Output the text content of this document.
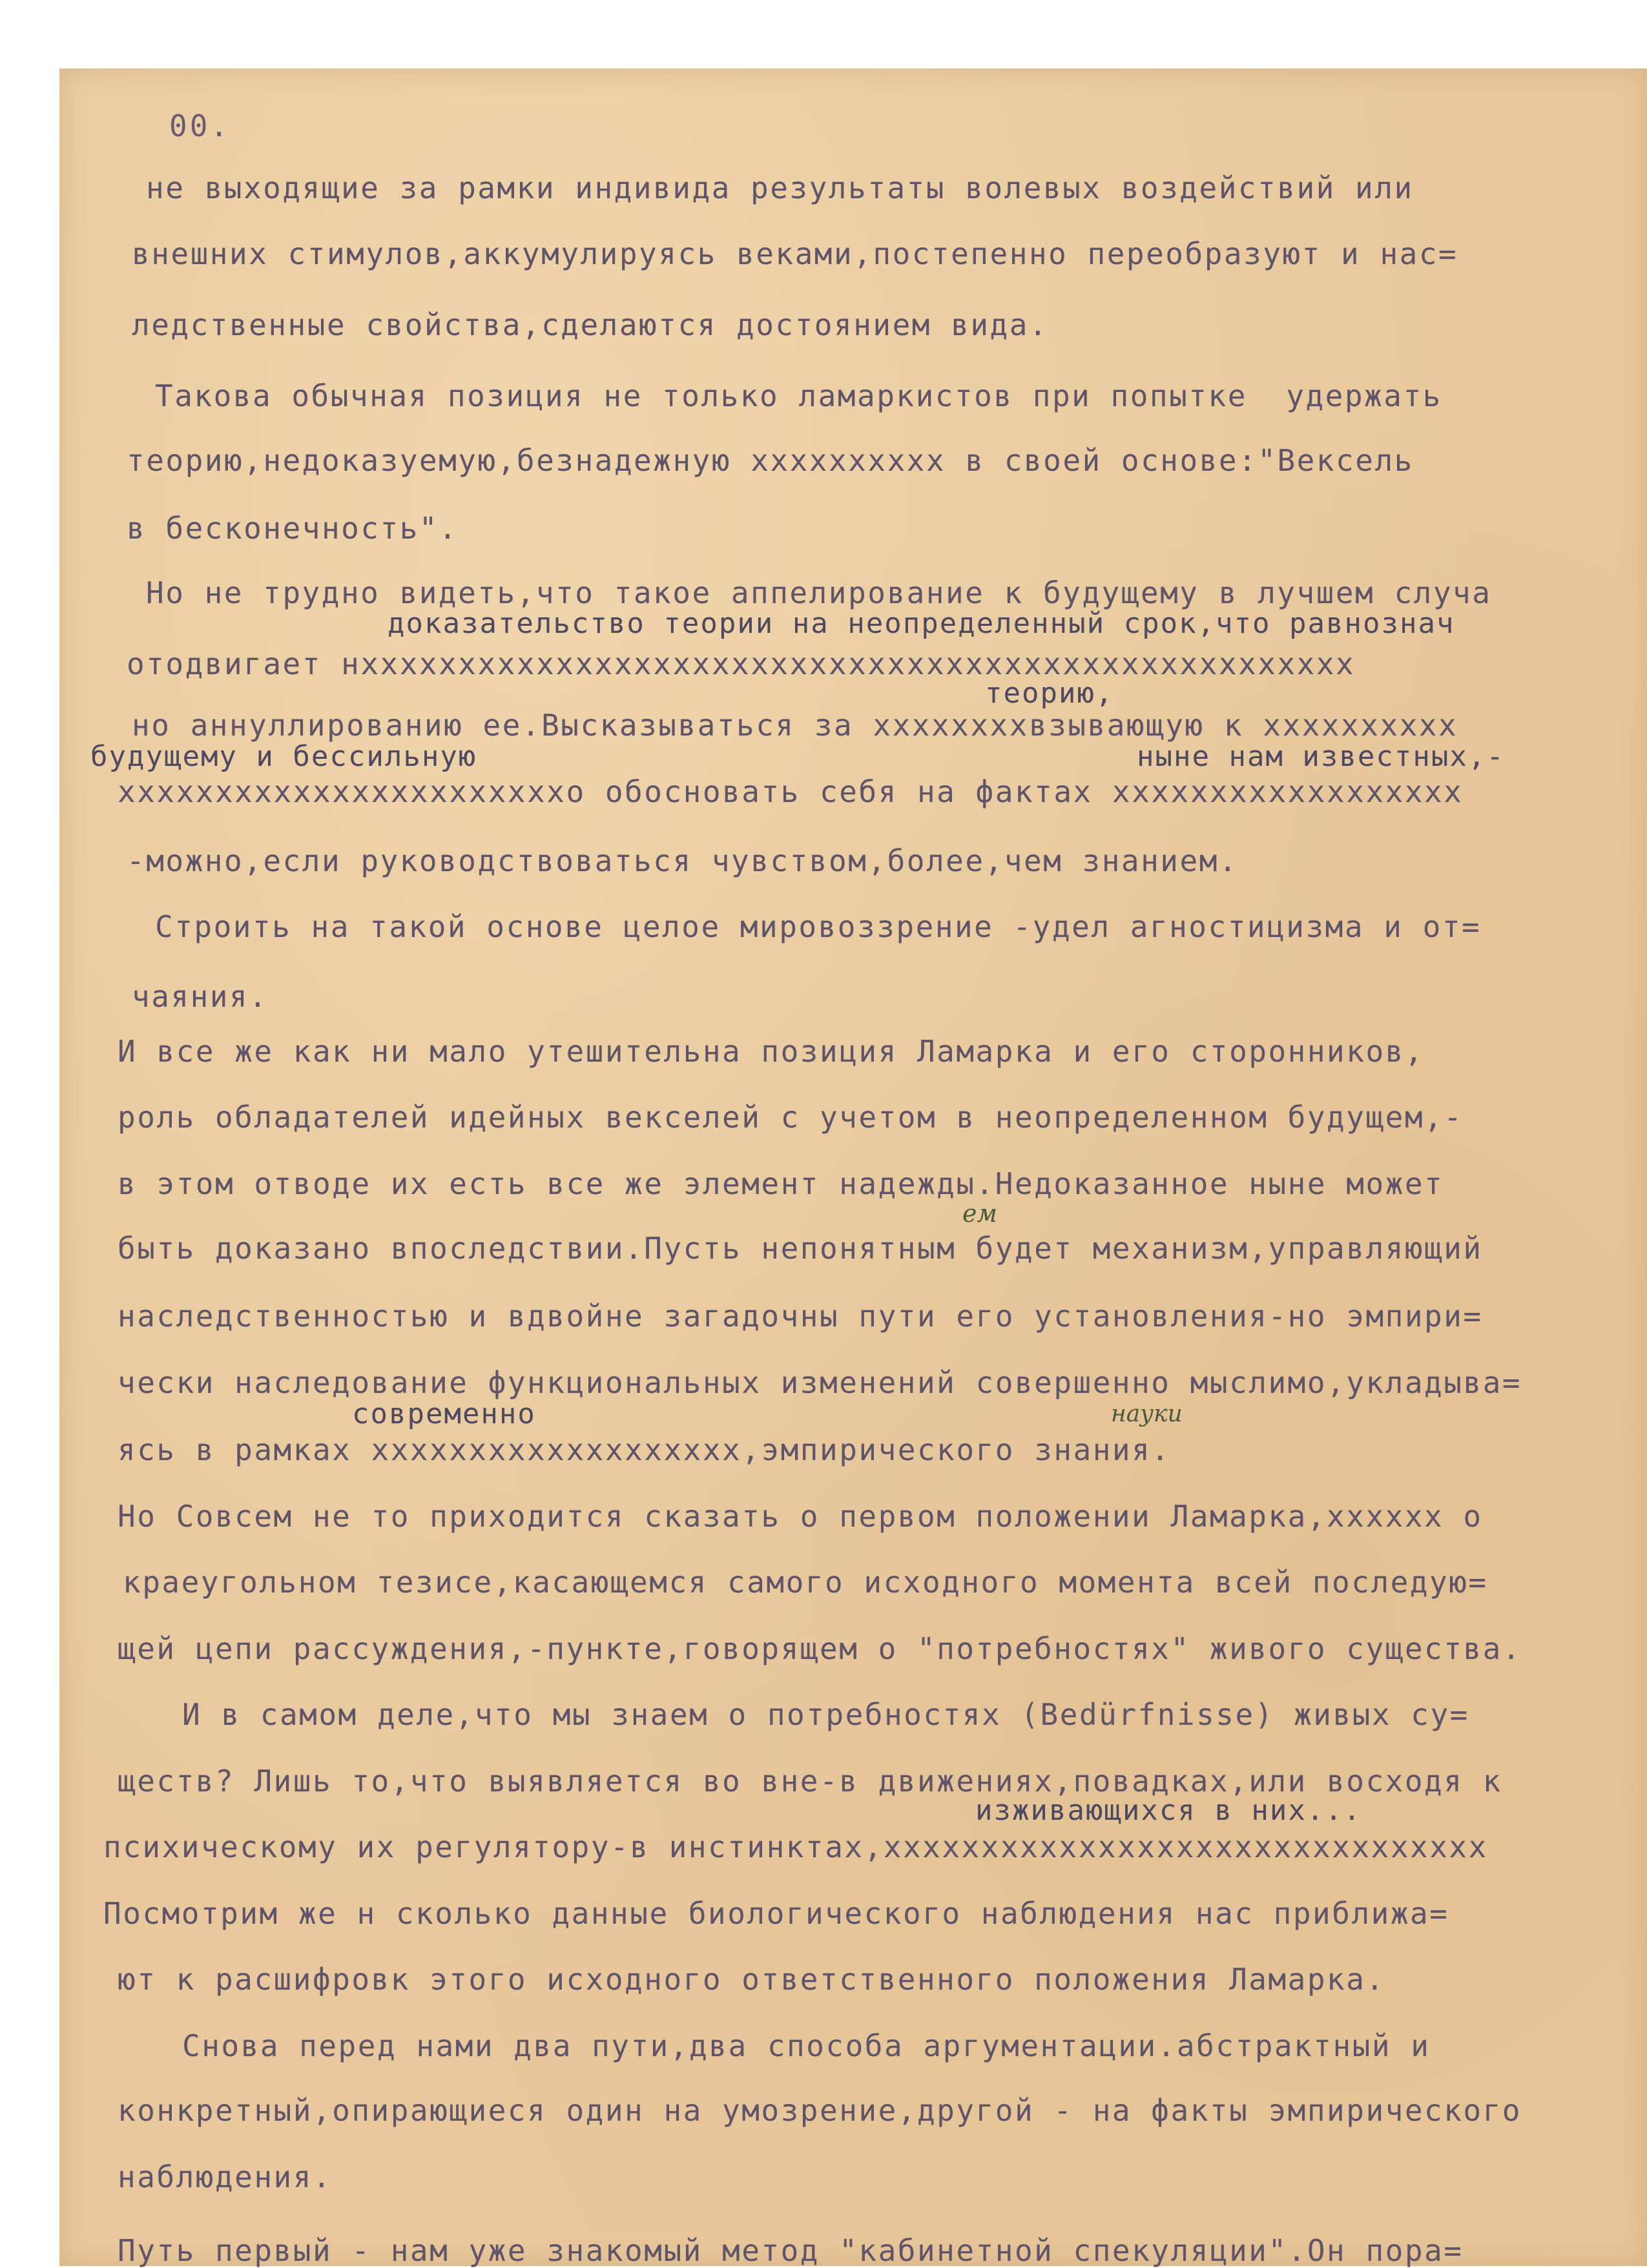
00.
не выходящие за рамки индивида результаты волевых воздействий или
внешних стимулов,аккумулируясь веками,постепенно переобразуют и нас=
ледственные свойства,сделаются достоянием вида.
Такова обычная позиция не только ламаркистов при попытке  удержать
теорию,недоказуемую,безнадежную xxxxxxxxxx в своей основе:"Вексель
в бесконечность".
Но не трудно видеть,что такое аппелирование к будущему в лучшем случа
доказательство теории на неопределенный срок,что равнознач
отодвигает нxxxxxxxxxxxxxxxxxxxxxxxxxxxxxxxxxxxxxxxxxxxxxxxxxxx
теорию,
но аннуллированию ее.Высказываться за xxxxxxxxвзывающую к xxxxxxxxxx
будущему и бессильную	ныне нам известных,-
xxxxxxxxxxxxxxxxxxxxxxxo обосновать себя на фактах xxxxxxxxxxxxxxxxxx
-можно,если руководствоваться чувством,более,чем знанием.
Строить на такой основе целое мировоззрение -удел агностицизма и от=
чаяния.
И все же как ни мало утешительна позиция Ламарка и его сторонников,
роль обладателей идейных векселей с учетом в неопределенном будущем,-
в этом отводе их есть все же элемент надежды.Недоказанное ныне может
быть доказано впоследствии.Пусть непонятным будет механизм,управляющий
наследственностью и вдвойне загадочны пути его установления-но эмпири=
чески наследование функциональных изменений совершенно мыслимо,укладыва=
современно
ясь в рамках xxxxxxxxxxxxxxxxxxx,эмпирического знания.
Но Совсем не то приходится сказать о первом положении Ламарка,xxxxxx о
краеугольном тезисе,касающемся самого исходного момента всей последую=
щей цепи рассуждения,-пункте,говорящем о "потребностях" живого существа.
И в самом деле,что мы знаем о потребностях (Bedürfnisse) живых су=
ществ? Лишь то,что выявляется во вне-в движениях,повадках,или восходя к
изживающихся в них...
психическому их регулятору-в инстинктах,xxxxxxxxxxxxxxxxxxxxxxxxxxxxxxx
Посмотрим же н сколько данные биологического наблюдения нас приближа=
ют к расшифровк этого исходного ответственного положения Ламарка.
Снова перед нами два пути,два способа аргументации.абстрактный и
конкретный,опирающиеся один на умозрение,другой - на факты эмпирического
наблюдения.
Путь первый - нам уже знакомый метод "кабинетной спекуляции".Он пора=
ем
науки
